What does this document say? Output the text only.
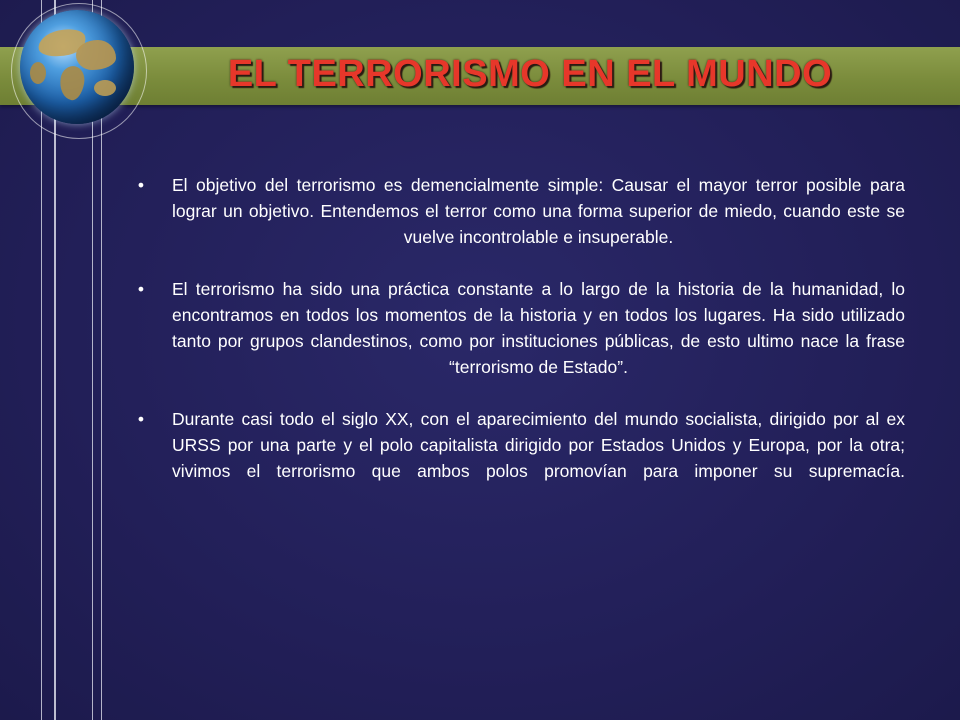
EL TERRORISMO EN EL MUNDO
• El objetivo del terrorismo es demencialmente simple: Causar el mayor terror posible para lograr un objetivo. Entendemos el terror como una forma superior de miedo, cuando este se vuelve incontrolable e insuperable.
• El terrorismo ha sido una práctica constante a lo largo de la historia de la humanidad, lo encontramos en todos los momentos de la historia y en todos los lugares. Ha sido utilizado tanto por grupos clandestinos, como por instituciones públicas, de esto ultimo nace la frase “terrorismo de Estado”.
• Durante casi todo el siglo XX, con el aparecimiento del mundo socialista, dirigido por al ex URSS por una parte y el polo capitalista dirigido por Estados Unidos y Europa, por la otra; vivimos el terrorismo que ambos polos promovían para imponer su supremacía.
